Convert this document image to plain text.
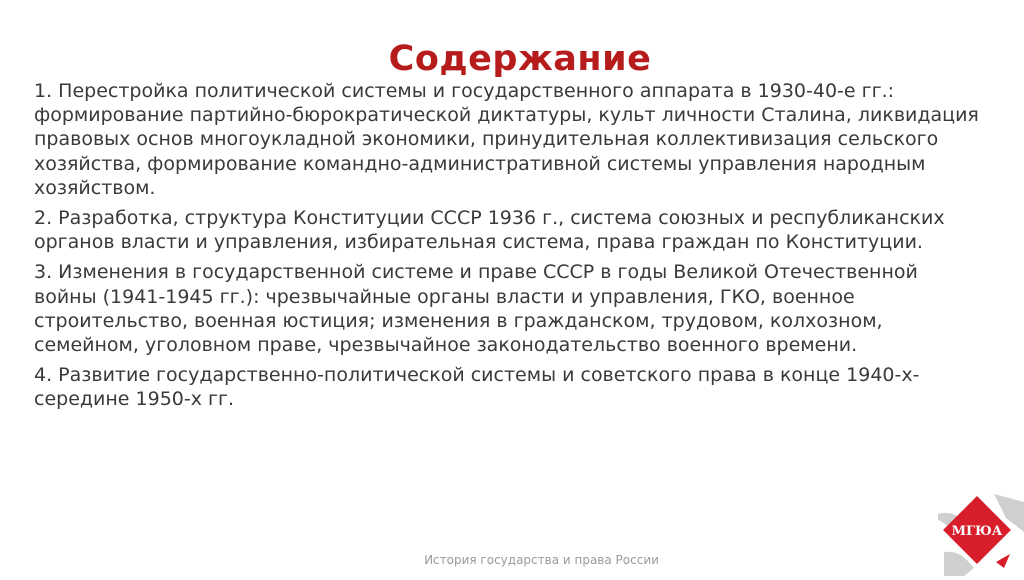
Содержание

1. Перестройка политической системы и государственного аппарата в 1930-40-е гг.: формирование партийно-бюрократической диктатуры, культ личности Сталина, ликвидация правовых основ многоукладной экономики, принудительная коллективизация сельского хозяйства, формирование командно-административной системы управления народным хозяйством.

2. Разработка, структура Конституции СССР 1936 г., система союзных и республиканских органов власти и управления, избирательная система, права граждан по Конституции.

3. Изменения в государственной системе и праве СССР в годы Великой Отечественной войны (1941-1945 гг.): чрезвычайные органы власти и управления, ГКО, военное строительство, военная юстиция; изменения в гражданском, трудовом, колхозном, семейном, уголовном праве, чрезвычайное законодательство военного времени.

4. Развитие государственно-политической системы и советского права в конце 1940-х-середине 1950-х гг.

История государства и права России
МГЮА
